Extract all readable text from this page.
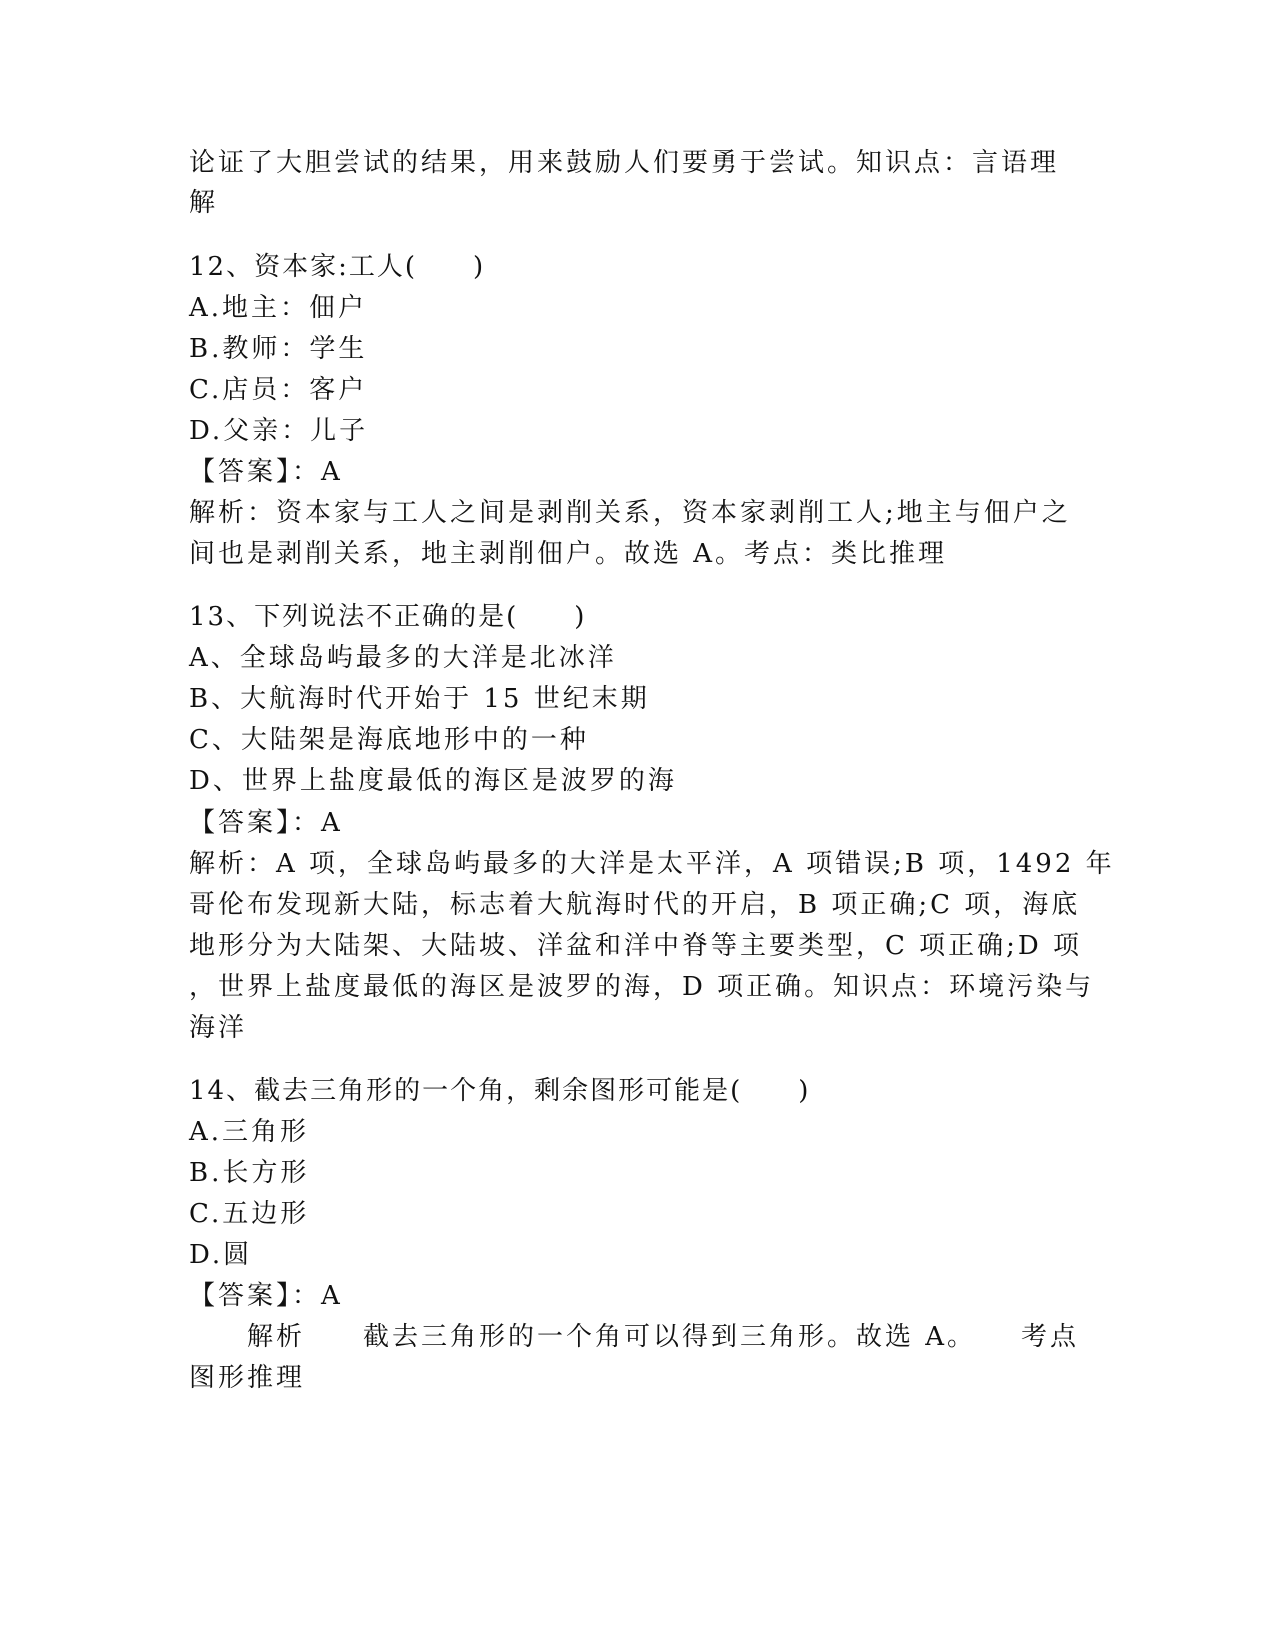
论证了大胆尝试的结果，用来鼓励人们要勇于尝试。知识点：言语理
解
12、资本家:工人(　　)
A.地主：佃户
B.教师：学生
C.店员：客户
D.父亲：儿子
【答案】：A
解析：资本家与工人之间是剥削关系，资本家剥削工人;地主与佃户之
间也是剥削关系，地主剥削佃户。故选 A。考点：类比推理
13、下列说法不正确的是(　　)
A、全球岛屿最多的大洋是北冰洋
B、大航海时代开始于 15 世纪末期
C、大陆架是海底地形中的一种
D、世界上盐度最低的海区是波罗的海
【答案】：A
解析：A 项，全球岛屿最多的大洋是太平洋，A 项错误;B 项，1492 年
哥伦布发现新大陆，标志着大航海时代的开启，B 项正确;C 项，海底
地形分为大陆架、大陆坡、洋盆和洋中脊等主要类型，C 项正确;D 项
，世界上盐度最低的海区是波罗的海，D 项正确。知识点：环境污染与
海洋
14、截去三角形的一个角，剩余图形可能是(　　)
A.三角形
B.长方形
C.五边形
D.圆
【答案】：A
　　解析　　截去三角形的一个角可以得到三角形。故选 A。　　考点
图形推理
